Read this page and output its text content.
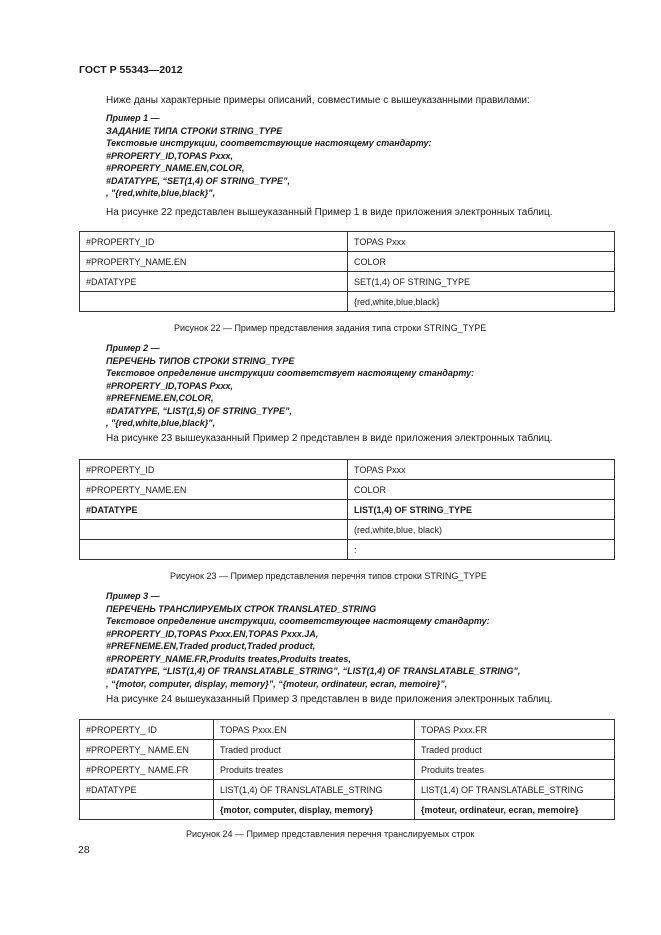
ГОСТ Р 55343—2012
Ниже даны характерные примеры описаний, совместимые с вышеуказанными правилами:
Пример 1 —
ЗАДАНИЕ ТИПА СТРОКИ STRING_TYPE
Текстовые инструкции, соответствующие настоящему стандарту:
#PROPERTY_ID,TOPAS Pxxx,
#PROPERTY_NAME.EN,COLOR,
#DATATYPE, “SET(1,4) OF STRING_TYPE”,
, "{red,white,blue,black}",
На рисунке 22 представлен вышеуказанный Пример 1 в виде приложения электронных таблиц.
#PROPERTY_ID	TOPAS Pxxx
#PROPERTY_NAME.EN	COLOR
#DATATYPE	SET(1,4) OF STRING_TYPE
	{red,white,blue,black}
Рисунок 22 — Пример представления задания типа строки STRING_TYPE
Пример 2 —
ПЕРЕЧЕНЬ ТИПОВ СТРОКИ STRING_TYPE
Текстовое определение инструкции соответствует настоящему стандарту:
#PROPERTY_ID,TOPAS Pxxx,
#PREFNEME.EN,COLOR,
#DATATYPE, “LIST(1,5) OF STRING_TYPE”,
, "{red,white,blue,black}",
На рисунке 23 вышеуказанный Пример 2 представлен в виде приложения электронных таблиц.
#PROPERTY_ID	TOPAS Pxxx
#PROPERTY_NAME.EN	COLOR
#DATATYPE	LIST(1,4) OF STRING_TYPE
	(red,white,blue, black)
	:
Рисунок 23 — Пример представления перечня типов строки STRING_TYPE
Пример 3 —
ПЕРЕЧЕНЬ ТРАНСЛИРУЕМЫХ СТРОК TRANSLATED_STRING
Текстовое определение инструкции, соответствующее настоящему стандарту:
#PROPERTY_ID,TOPAS Pxxx.EN,TOPAS Pxxx.JA,
#PREFNEME.EN,Traded product,Traded product,
#PROPERTY_NAME.FR,Produits treates,Produits treates,
#DATATYPE, “LIST(1,4) OF TRANSLATABLE_STRING”, “LIST(1,4) OF TRANSLATABLE_STRING”,
, “{motor, computer, display, memory}”, “{moteur, ordinateur, ecran, memoire}”,
На рисунке 24 вышеуказанный Пример 3 представлен в виде приложения электронных таблиц.
#PROPERTY_ ID	TOPAS Pxxx.EN	TOPAS Pxxx.FR
#PROPERTY_ NAME.EN	Traded product	Traded product
#PROPERTY_ NAME.FR	Produits treates	Produits treates
#DATATYPE	LIST(1,4) OF TRANSLATABLE_STRING	LIST(1,4) OF TRANSLATABLE_STRING
	{motor, computer, display, memory}	{moteur, ordinateur, ecran, memoire}
Рисунок 24 — Пример представления перечня транслируемых строк
28
